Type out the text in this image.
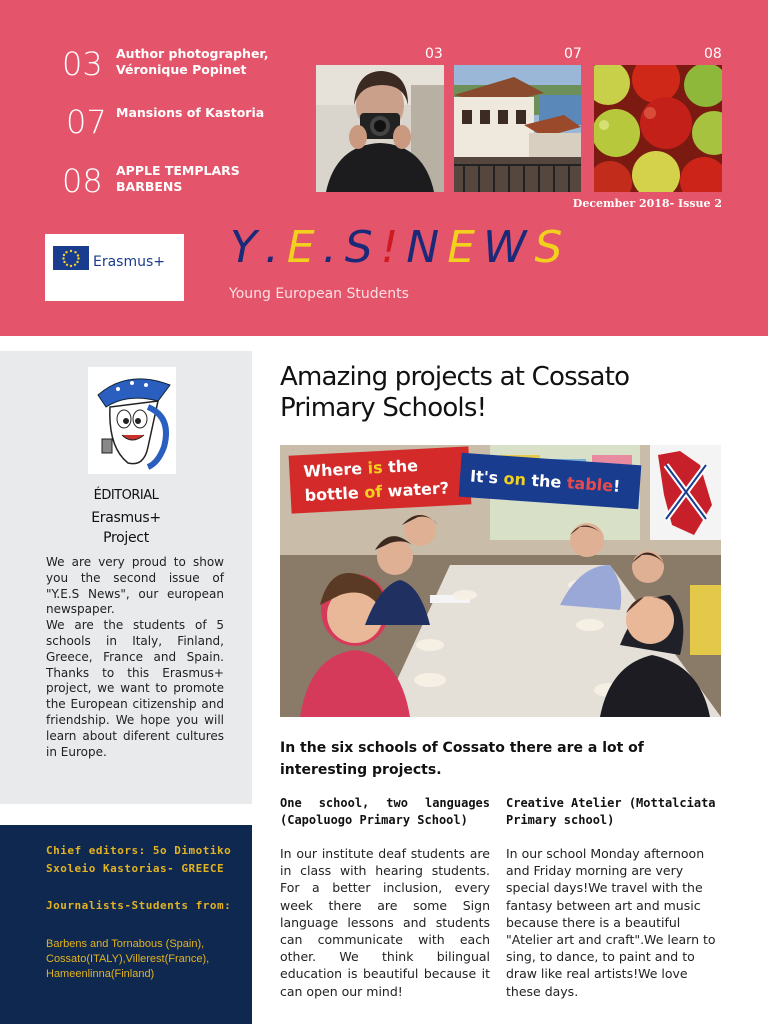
03 Author photographer, Véronique Popinet
07 Mansions of Kastoria
08 APPLE TEMPLARS BARBENS
03	07	08
December 2018- Issue 2
Erasmus+ Y.E.S!NEWS
Young European Students
ÉDITORIAL
Erasmus+ Project

We are very proud to show you the second issue of "Y.E.S News", our european newspaper.

We are the students of 5 schools in Italy, Finland, Greece, France and Spain. Thanks to this Erasmus+ project, we want to promote the European citizenship and friendship. We hope you will learn about diferent cultures in Europe.

Chief editors: 5o Dimotiko
Sxoleio Kastorias- GREECE
Journalists-Students from:
Barbens and Tornabous (Spain), Cossato(ITALY),Villerest(France), Hameenlinna(Finland)
Amazing projects at Cossato Primary Schools!
Where is the
bottle of water?
It's on the table!
In the six schools of Cossato there are a lot of interesting projects.
One school, two languages (Capoluogo Primary School)
In our institute deaf students are in class with hearing students. For a better inclusion, every week there are some Sign language lessons and students can communicate with each other. We think bilingual education is beautiful because it can open our mind!
Creative Atelier (Mottalciata Primary school)
In our school Monday afternoon and Friday morning are very special days!We travel with the fantasy between art and music because there is a beautiful "Atelier art and craft".We learn to sing, to dance, to paint and to draw like real artists!We love these days.
